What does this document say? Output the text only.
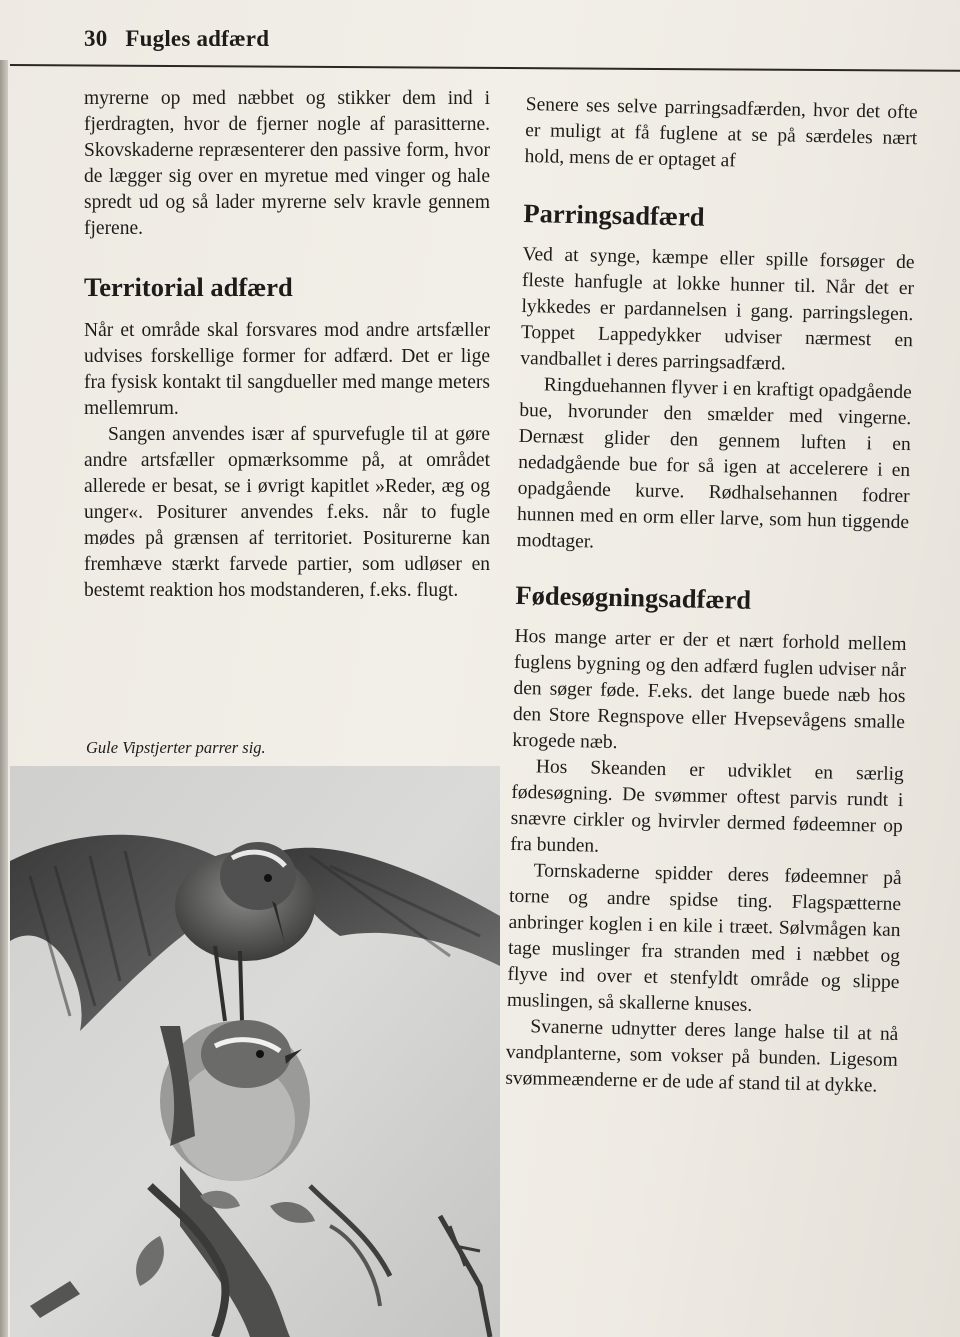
30 Fugles adfærd

myrerne op med næbbet og stikker dem ind i fjerdragten, hvor de fjerner nogle af parasitterne. Skovskaderne repræsenterer den passive form, hvor de lægger sig over en myretue med vinger og hale spredt ud og så lader myrerne selv kravle gennem fjerene.

Territorial adfærd

Når et område skal forsvares mod andre artsfæller udvises forskellige former for adfærd. Det er lige fra fysisk kontakt til sangdueller med mange meters mellemrum.

Sangen anvendes især af spurvefugle til at gøre andre artsfæller opmærksomme på, at området allerede er besat, se i øvrigt kapitlet »Reder, æg og unger«. Positurer anvendes f.eks. når to fugle mødes på grænsen af territoriet. Positurerne kan fremhæve stærkt farvede partier, som udløser en bestemt reaktion hos modstanderen, f.eks. flugt.

Gule Vipstjerter parrer sig.

Senere ses selve parringsadfærden, hvor det ofte er muligt at få fuglene at se på særdeles nært hold, mens de er optaget af

Parringsadfærd

Ved at synge, kæmpe eller spille forsøger de fleste hanfugle at lokke hunner til. Når det er lykkedes er pardannelsen i gang. parringslegen. Toppet Lappedykker udviser nærmest en vandballet i deres parringsadfærd.

Ringduehannen flyver i en kraftigt opadgående bue, hvorunder den smælder med vingerne. Dernæst glider den gennem luften i en nedadgående bue for så igen at accelerere i en opadgående kurve. Rødhalsehannen fodrer hunnen med en orm eller larve, som hun tiggende modtager.

Fødesøgningsadfærd

Hos mange arter er der et nært forhold mellem fuglens bygning og den adfærd fuglen udviser når den søger føde. F.eks. det lange buede næb hos den Store Regnspove eller Hvepsevågens smalle krogede næb.

Hos Skeanden er udviklet en særlig fødesøgning. De svømmer oftest parvis rundt i snævre cirkler og hvirvler dermed fødeemner op fra bunden.

Tornskaderne spidder deres fødeemner på torne og andre spidse ting. Flagspætterne anbringer koglen i en kile i træet. Sølvmågen kan tage muslinger fra stranden med i næbbet og flyve ind over et stenfyldt område og slippe muslingen, så skallerne knuses.

Svanerne udnytter deres lange halse til at nå vandplanterne, som vokser på bunden. Ligesom svømmeænderne er de ude af stand til at dykke.
